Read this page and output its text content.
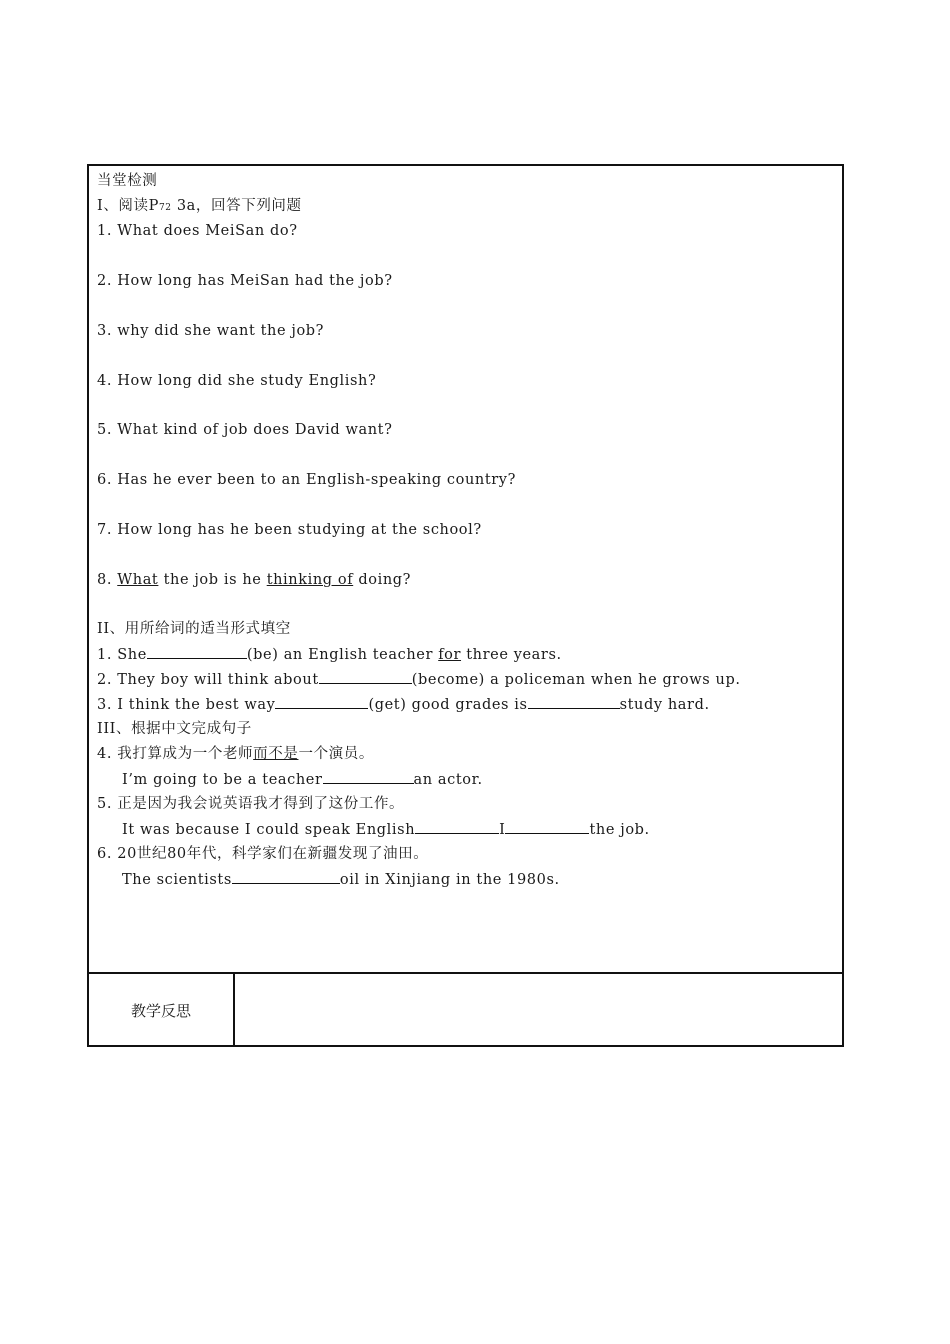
当堂检测
I、阅读P72 3a，回答下列问题
1. What does MeiSan do?
2. How long has MeiSan had the job?
3. why did she want the job?
4. How long did she study English?
5. What kind of job does David want?
6. Has he ever been to an English-speaking country?
7. How long has he been studying at the school?
8. What the job is he thinking of doing?
II、用所给词的适当形式填空
1. She	(be) an English teacher for three years.
2. They boy will think about	(become) a policeman when he grows up.
3. I think the best way	(get) good grades is	study hard.
III、根据中文完成句子
4. 我打算成为一个老师而不是一个演员。
I’m going to be a teacher	an actor.
5. 正是因为我会说英语我才得到了这份工作。
It was because I could speak English	I	the job.
6. 20世纪80年代，科学家们在新疆发现了油田。
The scientists	oil in Xinjiang in the 1980s.
教学反思
